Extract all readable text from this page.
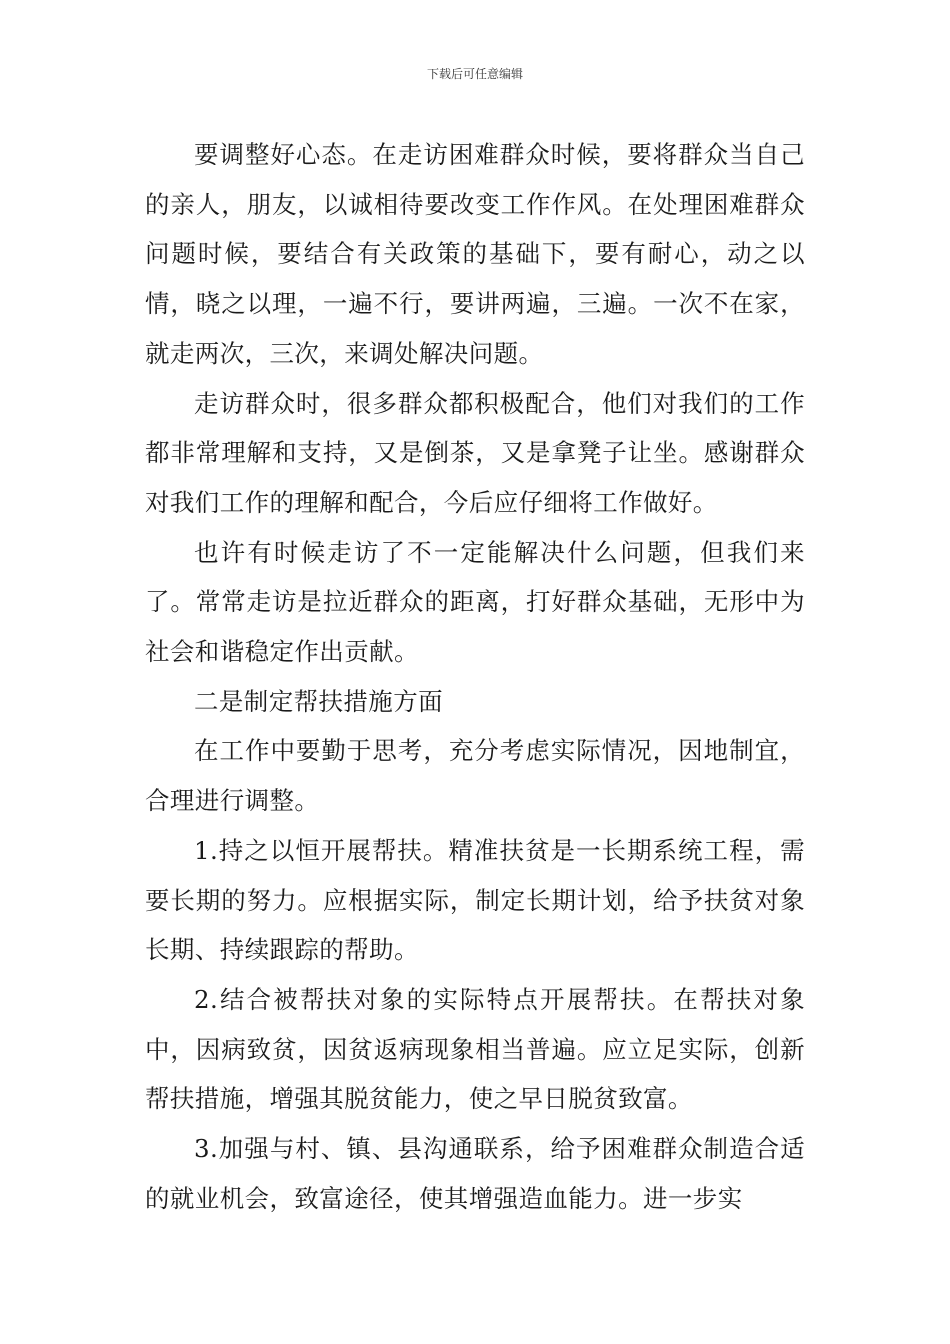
下载后可任意编辑

要调整好心态。在走访困难群众时候，要将群众当自己的亲人，朋友，以诚相待要改变工作作风。在处理困难群众问题时候，要结合有关政策的基础下，要有耐心，动之以情，晓之以理，一遍不行，要讲两遍，三遍。一次不在家，就走两次，三次，来调处解决问题。

走访群众时，很多群众都积极配合，他们对我们的工作都非常理解和支持，又是倒茶，又是拿凳子让坐。感谢群众对我们工作的理解和配合，今后应仔细将工作做好。

也许有时候走访了不一定能解决什么问题，但我们来了。常常走访是拉近群众的距离，打好群众基础，无形中为社会和谐稳定作出贡献。

二是制定帮扶措施方面

在工作中要勤于思考，充分考虑实际情况，因地制宜，合理进行调整。

1.持之以恒开展帮扶。精准扶贫是一长期系统工程，需要长期的努力。应根据实际，制定长期计划，给予扶贫对象长期、持续跟踪的帮助。

2.结合被帮扶对象的实际特点开展帮扶。在帮扶对象中，因病致贫，因贫返病现象相当普遍。应立足实际，创新帮扶措施，增强其脱贫能力，使之早日脱贫致富。

3.加强与村、镇、县沟通联系，给予困难群众制造合适的就业机会，致富途径，使其增强造血能力。进一步实
